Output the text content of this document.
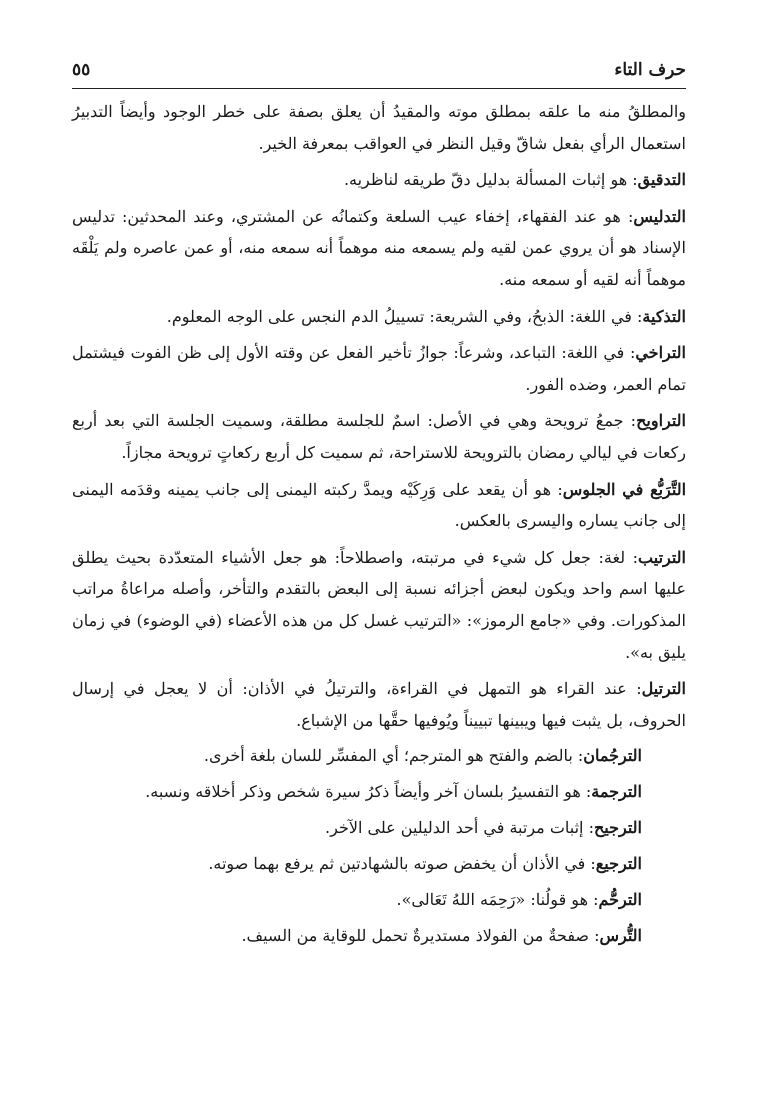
حرف التاء
٥٥

والمطلقُ منه ما علقه بمطلق موته والمقيدُ أن يعلق بصفة على خطر الوجود وأيضاً التدبيرُ استعمال الرأي بفعل شاقّ وقيل النظر في العواقب بمعرفة الخير.

التدقيق: هو إثبات المسألة بدليل دقّ طريقه لناظريه.

التدليس: هو عند الفقهاء، إخفاء عيب السلعة وكتمانُه عن المشتري، وعند المحدثين: تدليس الإسناد هو أن يروي عمن لقيه ولم يسمعه منه موهماً أنه سمعه منه، أو عمن عاصره ولم يَلْقَه موهماً أنه لقيه أو سمعه منه.

التذكية: في اللغة: الذبحُ، وفي الشريعة: تسييلُ الدم النجس على الوجه المعلوم.

التراخي: في اللغة: التباعد، وشرعاً: جوازُ تأخير الفعل عن وقته الأول إلى ظن الفوت فيشتمل تمام العمر، وضده الفور.

التراويح: جمعُ ترويحة وهي في الأصل: اسمٌ للجلسة مطلقة، وسميت الجلسة التي بعد أربع ركعات في ليالي رمضان بالترويحة للاستراحة، ثم سميت كل أربع ركعاتٍ ترويحة مجازاً.

التَّرَبُّع في الجلوس: هو أن يقعد على وَرِكَيْه ويمدَّ ركبته اليمنى إلى جانب يمينه وقدَمه اليمنى إلى جانب يساره واليسرى بالعكس.

الترتيب: لغة: جعل كل شيء في مرتبته، واصطلاحاً: هو جعل الأشياء المتعدّدة بحيث يطلق عليها اسم واحد ويكون لبعض أجزائه نسبة إلى البعض بالتقدم والتأخر، وأصله مراعاةُ مراتب المذكورات. وفي «جامع الرموز»: «الترتيب غسل كل من هذه الأعضاء (في الوضوء) في زمان يليق به».

الترتيل: عند القراء هو التمهل في القراءة، والترتيلُ في الأذان: أن لا يعجل في إرسال الحروف، بل يثبت فيها ويبينها تبييناً ويُوفيها حقَّها من الإشباع.

الترجُمان: بالضم والفتح هو المترجم؛ أي المفسِّر للسان بلغة أخرى.

الترجمة: هو التفسيرُ بلسان آخر وأيضاً ذكرُ سيرة شخص وذكر أخلاقه ونسبه.

الترجيح: إثبات مرتبة في أحد الدليلين على الآخر.

الترجيع: في الأذان أن يخفض صوته بالشهادتين ثم يرفع بهما صوته.

الترحُّم: هو قولُنا: «رَحِمَه اللهُ تَعَالى».

التُّرس: صفحةٌ من الفولاذ مستديرةٌ تحمل للوقاية من السيف.
